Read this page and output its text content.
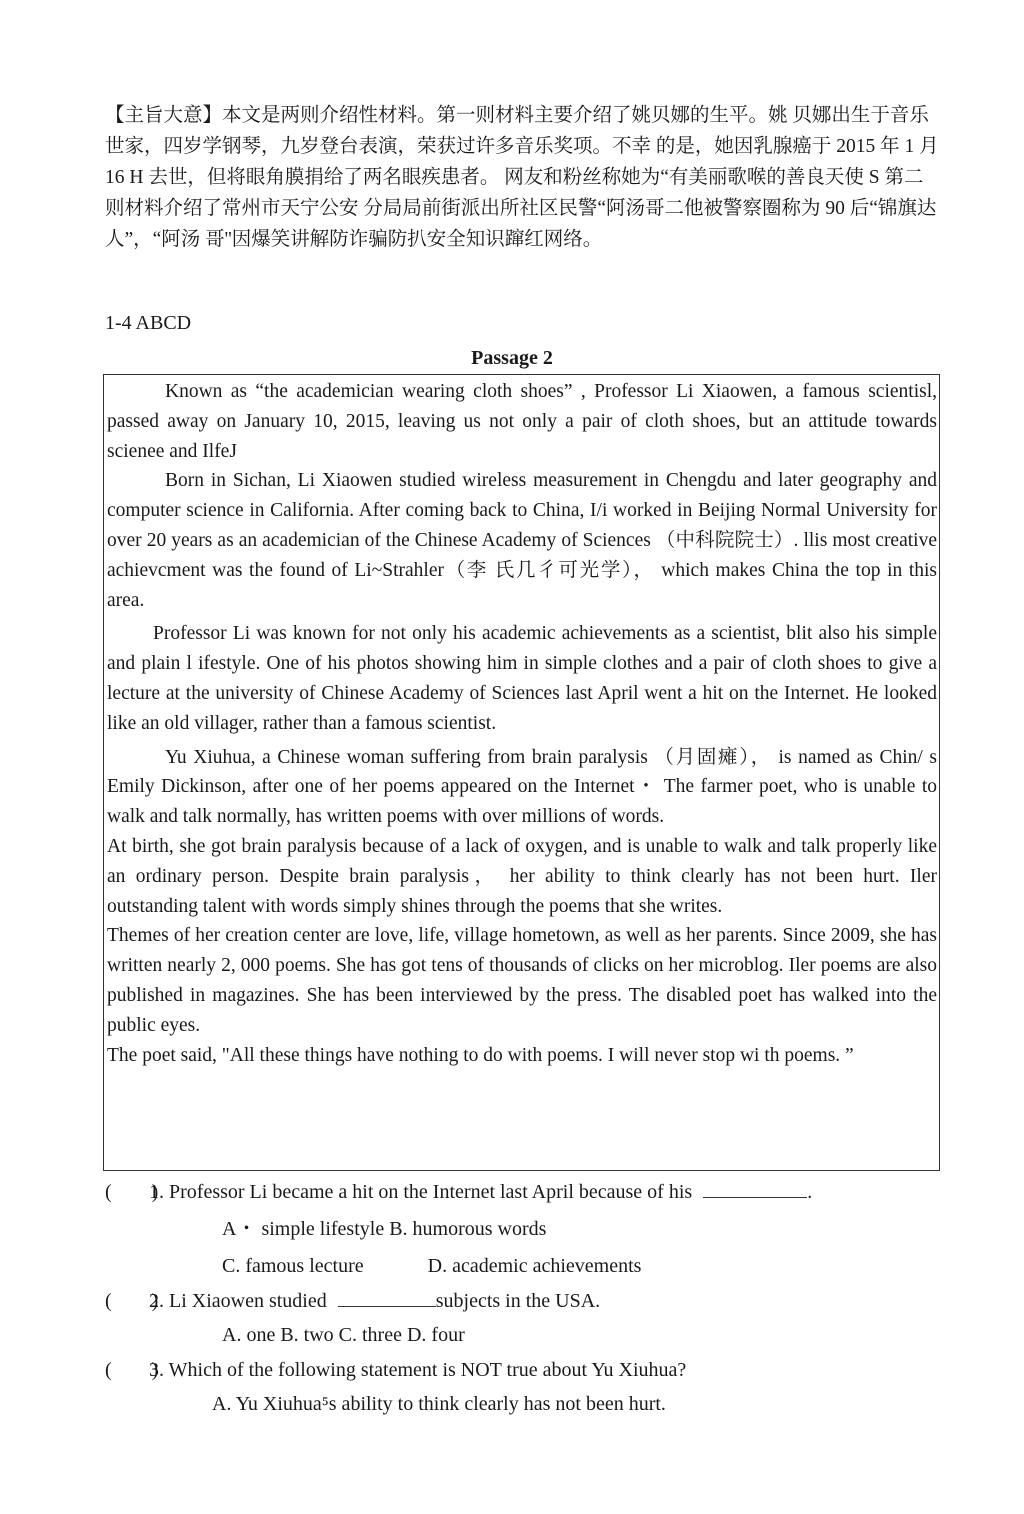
【主旨大意】本文是两则介绍性材料。第一则材料主要介绍了姚贝娜的生平。姚 贝娜出生于音乐世家，四岁学钢琴，九岁登台表演，荣获过许多音乐奖项。不幸 的是，她因乳腺癌于 2015 年 1 月 16 H 去世，但将眼角膜捐给了两名眼疾患者。 网友和粉丝称她为“有美丽歌喉的善良天使 S 第二则材料介绍了常州市天宁公安 分局局前街派出所社区民警“阿汤哥二他被警察圈称为 90 后“锦旗达人”，“阿汤 哥''因爆笑讲解防诈骗防扒安全知识蹿红网络。

1-4 ABCD
Passage 2

Known as “the academician wearing cloth shoes” , Professor Li Xiaowen, a famous scientisl, passed away on January 10, 2015, leaving us not only a pair of cloth shoes, but an attitude towards scienee and IlfeJ

Born in Sichan, Li Xiaowen studied wireless measurement in Chengdu and later geography and computer science in California. After coming back to China, I/i worked in Beijing Normal University for over 20 years as an academician of the Chinese Academy of Sciences （中科院院士）. llis most creative achievcment was the found of Li~Strahler（李 氏几彳可光学）， which makes China the top in this area.

Professor Li was known for not only his academic achievements as a scientist, blit also his simple and plain l ifestyle. One of his photos showing him in simple clothes and a pair of cloth shoes to give a lecture at the university of Chinese Academy of Sciences last April went a hit on the Internet. He looked like an old villager, rather than a famous scientist.

Yu Xiuhua, a Chinese woman suffering from brain paralysis （月固瘫）， is named as Chin/ s Emily Dickinson, after one of her poems appeared on the Internet・ The farmer poet, who is unable to walk and talk normally, has written poems with over millions of words.

At birth, she got brain paralysis because of a lack of oxygen, and is unable to walk and talk properly like an ordinary person. Despite brain paralysis， her ability to think clearly has not been hurt. Iler outstanding talent with words simply shines through the poems that she writes.

Themes of her creation center are love, life, village hometown, as well as her parents. Since 2009, she has written nearly 2, 000 poems. She has got tens of thousands of clicks on her microblog. Iler poems are also published in magazines. She has been interviewed by the press. The disabled poet has walked into the public eyes.

The poet said, "All these things have nothing to do with poems. I will never stop wi th poems. ”

(　　)1. Professor Li became a hit on the Internet last April because of his	.
A・ simple lifestyle B. humorous words
C. famous lecture	D. academic achievements
(　　)2. Li Xiaowen studied	subjects in the USA.
A. one B. two C. three D. four
(　　)3. Which of the following statement is NOT true about Yu Xiuhua?
A. Yu Xiuhua⁵s ability to think clearly has not been hurt.
